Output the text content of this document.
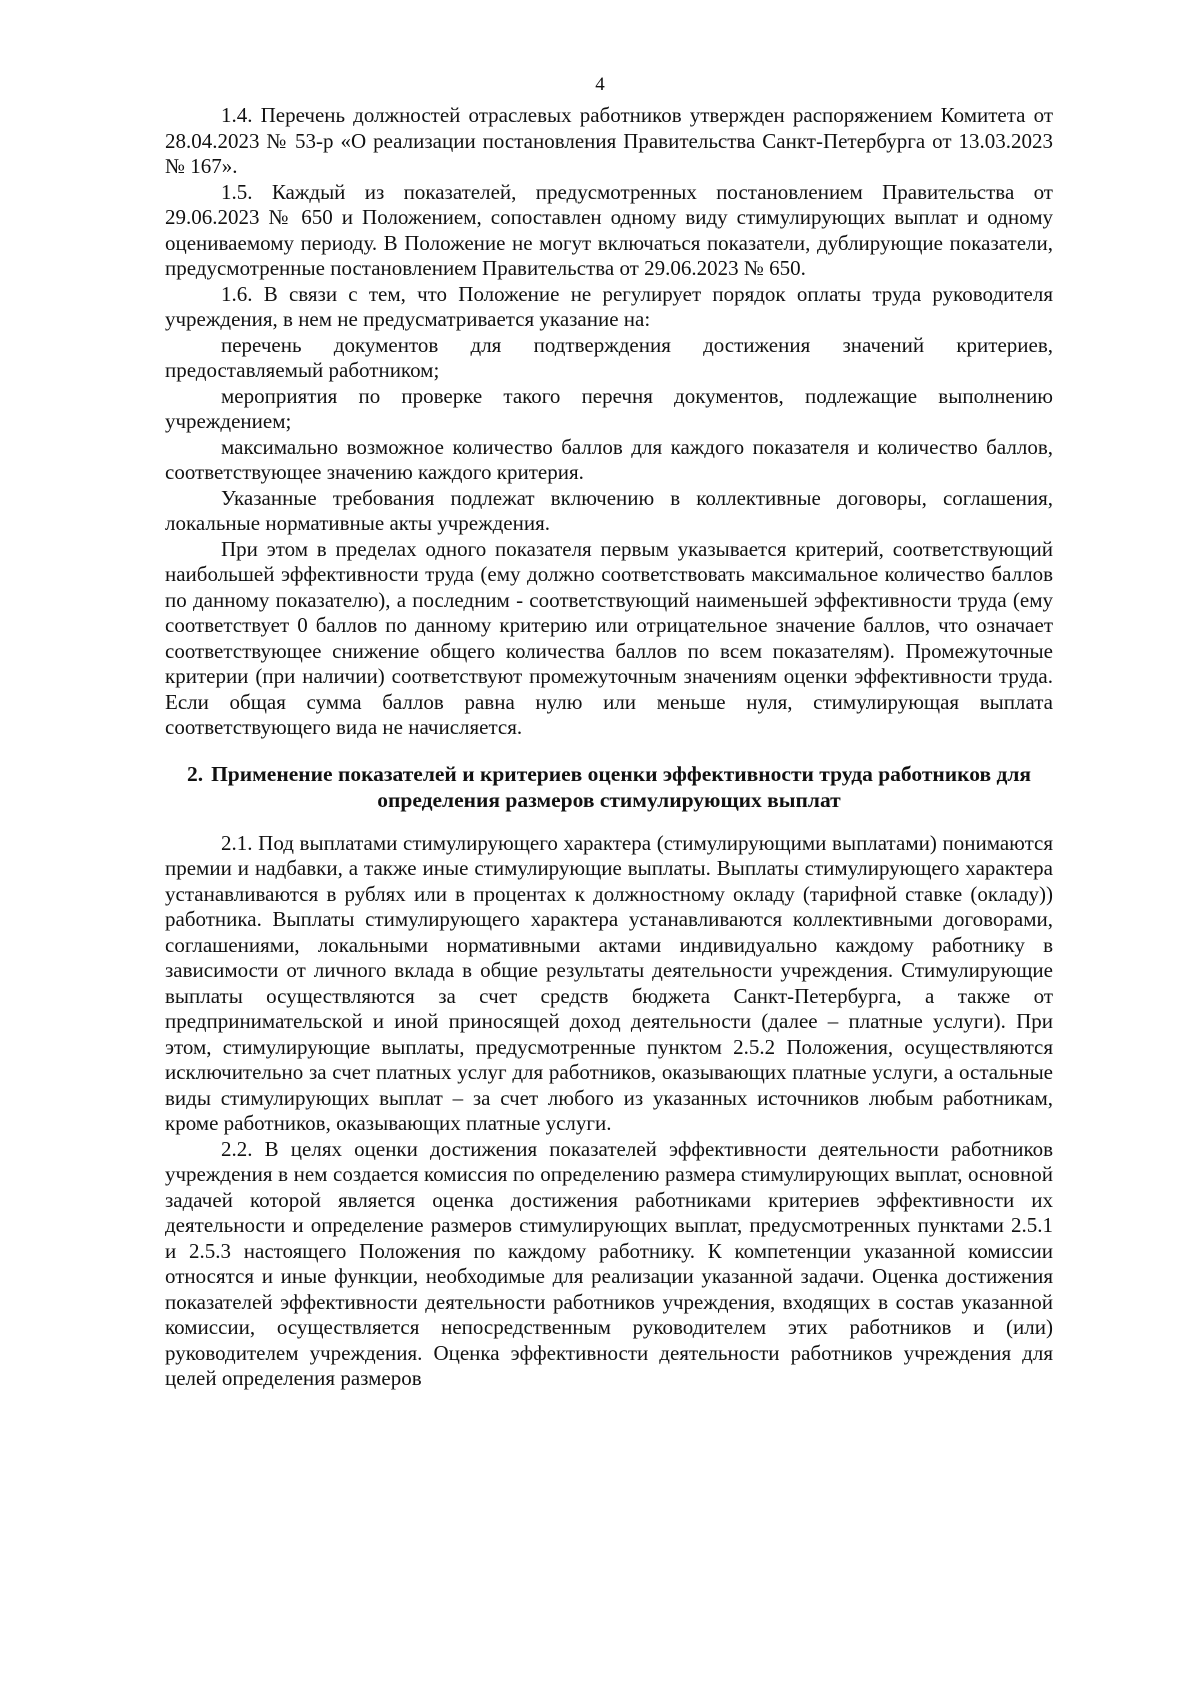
4

1.4. Перечень должностей отраслевых работников утвержден распоряжением Комитета от 28.04.2023 № 53-р «О реализации постановления Правительства Санкт-Петербурга от 13.03.2023 № 167».

1.5. Каждый из показателей, предусмотренных постановлением Правительства от 29.06.2023 № 650 и Положением, сопоставлен одному виду стимулирующих выплат и одному оцениваемому периоду. В Положение не могут включаться показатели, дублирующие показатели, предусмотренные постановлением Правительства от 29.06.2023 № 650.

1.6. В связи с тем, что Положение не регулирует порядок оплаты труда руководителя учреждения, в нем не предусматривается указание на:

перечень документов для подтверждения достижения значений критериев, предоставляемый работником;

мероприятия по проверке такого перечня документов, подлежащие выполнению учреждением;

максимально возможное количество баллов для каждого показателя и количество баллов, соответствующее значению каждого критерия.

Указанные требования подлежат включению в коллективные договоры, соглашения, локальные нормативные акты учреждения.

При этом в пределах одного показателя первым указывается критерий, соответствующий наибольшей эффективности труда (ему должно соответствовать максимальное количество баллов по данному показателю), а последним - соответствующий наименьшей эффективности труда (ему соответствует 0 баллов по данному критерию или отрицательное значение баллов, что означает соответствующее снижение общего количества баллов по всем показателям). Промежуточные критерии (при наличии) соответствуют промежуточным значениям оценки эффективности труда. Если общая сумма баллов равна нулю или меньше нуля, стимулирующая выплата соответствующего вида не начисляется.

2. Применение показателей и критериев оценки эффективности труда работников для определения размеров стимулирующих выплат

2.1. Под выплатами стимулирующего характера (стимулирующими выплатами) понимаются премии и надбавки, а также иные стимулирующие выплаты. Выплаты стимулирующего характера устанавливаются в рублях или в процентах к должностному окладу (тарифной ставке (окладу)) работника. Выплаты стимулирующего характера устанавливаются коллективными договорами, соглашениями, локальными нормативными актами индивидуально каждому работнику в зависимости от личного вклада в общие результаты деятельности учреждения. Стимулирующие выплаты осуществляются за счет средств бюджета Санкт-Петербурга, а также от предпринимательской и иной приносящей доход деятельности (далее – платные услуги). При этом, стимулирующие выплаты, предусмотренные пунктом 2.5.2 Положения, осуществляются исключительно за счет платных услуг для работников, оказывающих платные услуги, а остальные виды стимулирующих выплат – за счет любого из указанных источников любым работникам, кроме работников, оказывающих платные услуги.

2.2. В целях оценки достижения показателей эффективности деятельности работников учреждения в нем создается комиссия по определению размера стимулирующих выплат, основной задачей которой является оценка достижения работниками критериев эффективности их деятельности и определение размеров стимулирующих выплат, предусмотренных пунктами 2.5.1 и 2.5.3 настоящего Положения по каждому работнику. К компетенции указанной комиссии относятся и иные функции, необходимые для реализации указанной задачи. Оценка достижения показателей эффективности деятельности работников учреждения, входящих в состав указанной комиссии, осуществляется непосредственным руководителем этих работников и (или) руководителем учреждения. Оценка эффективности деятельности работников учреждения для целей определения размеров
